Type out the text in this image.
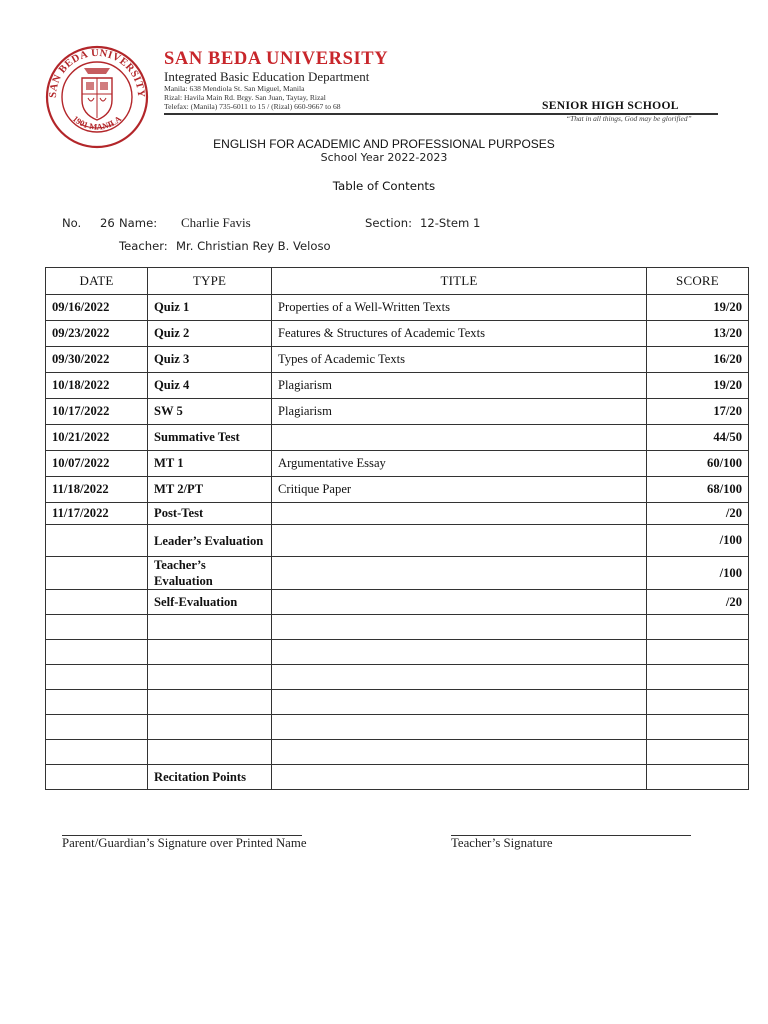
SAN BEDA UNIVERSITY
1901 MANILA
SAN BEDA UNIVERSITY
Integrated Basic Education Department
Manila: 638 Mendiola St. San Miguel, Manila
Rizal: Havila Main Rd. Brgy. San Juan, Taytay, Rizal
Telefax: (Manila) 735-6011 to 15 / (Rizal) 660-9667 to 68	SENIOR HIGH SCHOOL
“That in all things, God may be glorified”
ENGLISH FOR ACADEMIC AND PROFESSIONAL PURPOSES
School Year 2022-2023
Table of Contents
No. 26 Name: Charlie Favis	Section: 12-Stem 1
Teacher: Mr. Christian Rey B. Veloso
DATE	TYPE	TITLE	SCORE
09/16/2022	Quiz 1	Properties of a Well-Written Texts	19/20
09/23/2022	Quiz 2	Features & Structures of Academic Texts	13/20
09/30/2022	Quiz 3	Types of Academic Texts	16/20
10/18/2022	Quiz 4	Plagiarism	19/20
10/17/2022	SW 5	Plagiarism	17/20
10/21/2022	Summative Test		44/50
10/07/2022	MT 1	Argumentative Essay	60/100
11/18/2022	MT 2/PT	Critique Paper	68/100
11/17/2022	Post-Test		/20
	Leader’s Evaluation		/100
	Teacher’s Evaluation		/100
	Self-Evaluation		/20

	Recitation Points		
Parent/Guardian’s Signature over Printed Name	Teacher’s Signature
